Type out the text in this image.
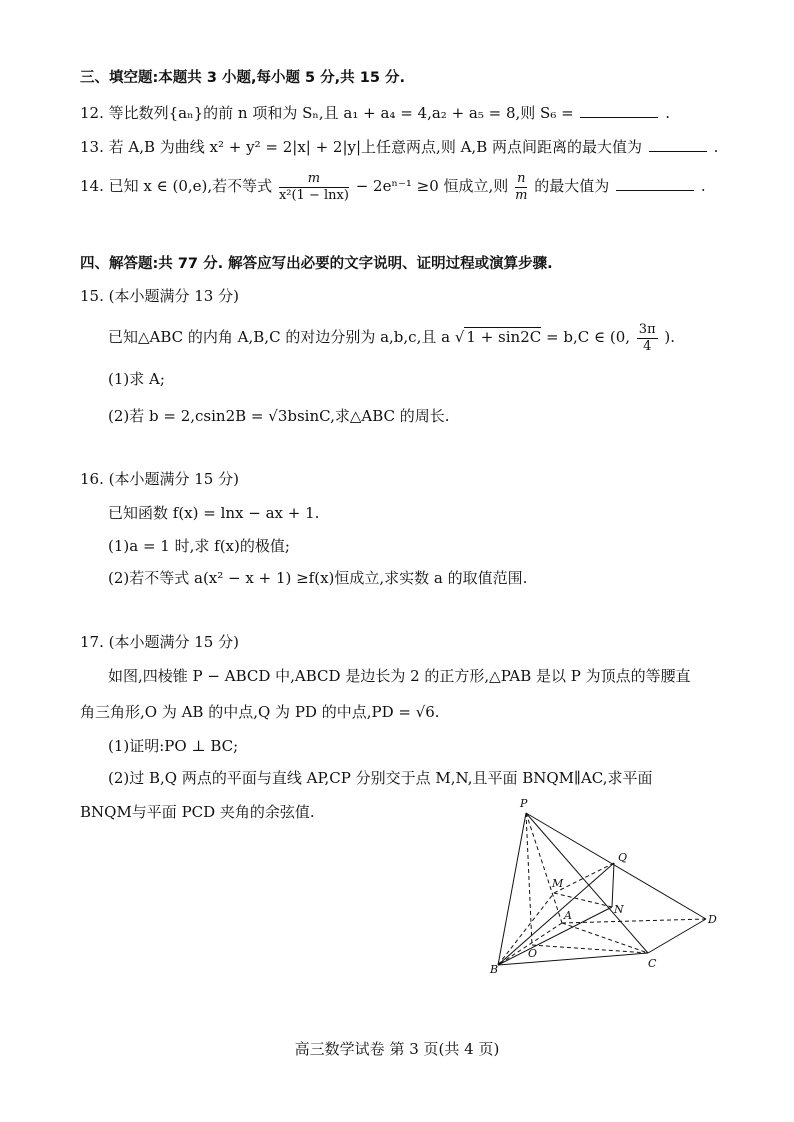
三、填空题:本题共 3 小题,每小题 5 分,共 15 分.
12. 等比数列{aₙ}的前 n 项和为 Sₙ,且 a₁ + a₄ = 4,a₂ + a₅ = 8,则 S₆ =	.
13. 若 A,B 为曲线 x² + y² = 2|x| + 2|y|上任意两点,则 A,B 两点间距离的最大值为	.
14. 已知 x ∈ (0,e),若不等式 $\frac{m}{\text{x²(1 − lnx)}} - 2e^{n-1} \ge 0$ 恒成立,则 $\frac{n}{m}$ 的最大值为	.
四、解答题:共 77 分. 解答应写出必要的文字说明、证明过程或演算步骤.
15. (本小题满分 13 分)
已知△ABC 的内角 A,B,C 的对边分别为 a,b,c,且 a √ 1 + sin2C = b,C ∈ (0, $\frac{3\pi}{4}$ ).
(1)求 A;
(2)若 b = 2,csin2B = √3bsinC,求△ABC 的周长.
16. (本小题满分 15 分)
已知函数 f(x) = lnx − ax + 1.
(1)a = 1 时,求 f(x)的极值;
(2)若不等式 a(x² − x + 1) ≥f(x)恒成立,求实数 a 的取值范围.
17. (本小题满分 15 分)
如图,四棱锥 P − ABCD 中,ABCD 是边长为 2 的正方形,△PAB 是以 P 为顶点的等腰直
角三角形,O 为 AB 的中点,Q 为 PD 的中点,PD = √6.
(1)证明:PO ⊥ BC;
(2)过 B,Q 两点的平面与直线 AP,CP 分别交于点 M,N,且平面 BNQM∥AC,求平面
BNQM与平面 PCD 夹角的余弦值.	P
Q
M
N
A
O
D
B	C
高三数学试卷 第 3 页(共 4 页)
